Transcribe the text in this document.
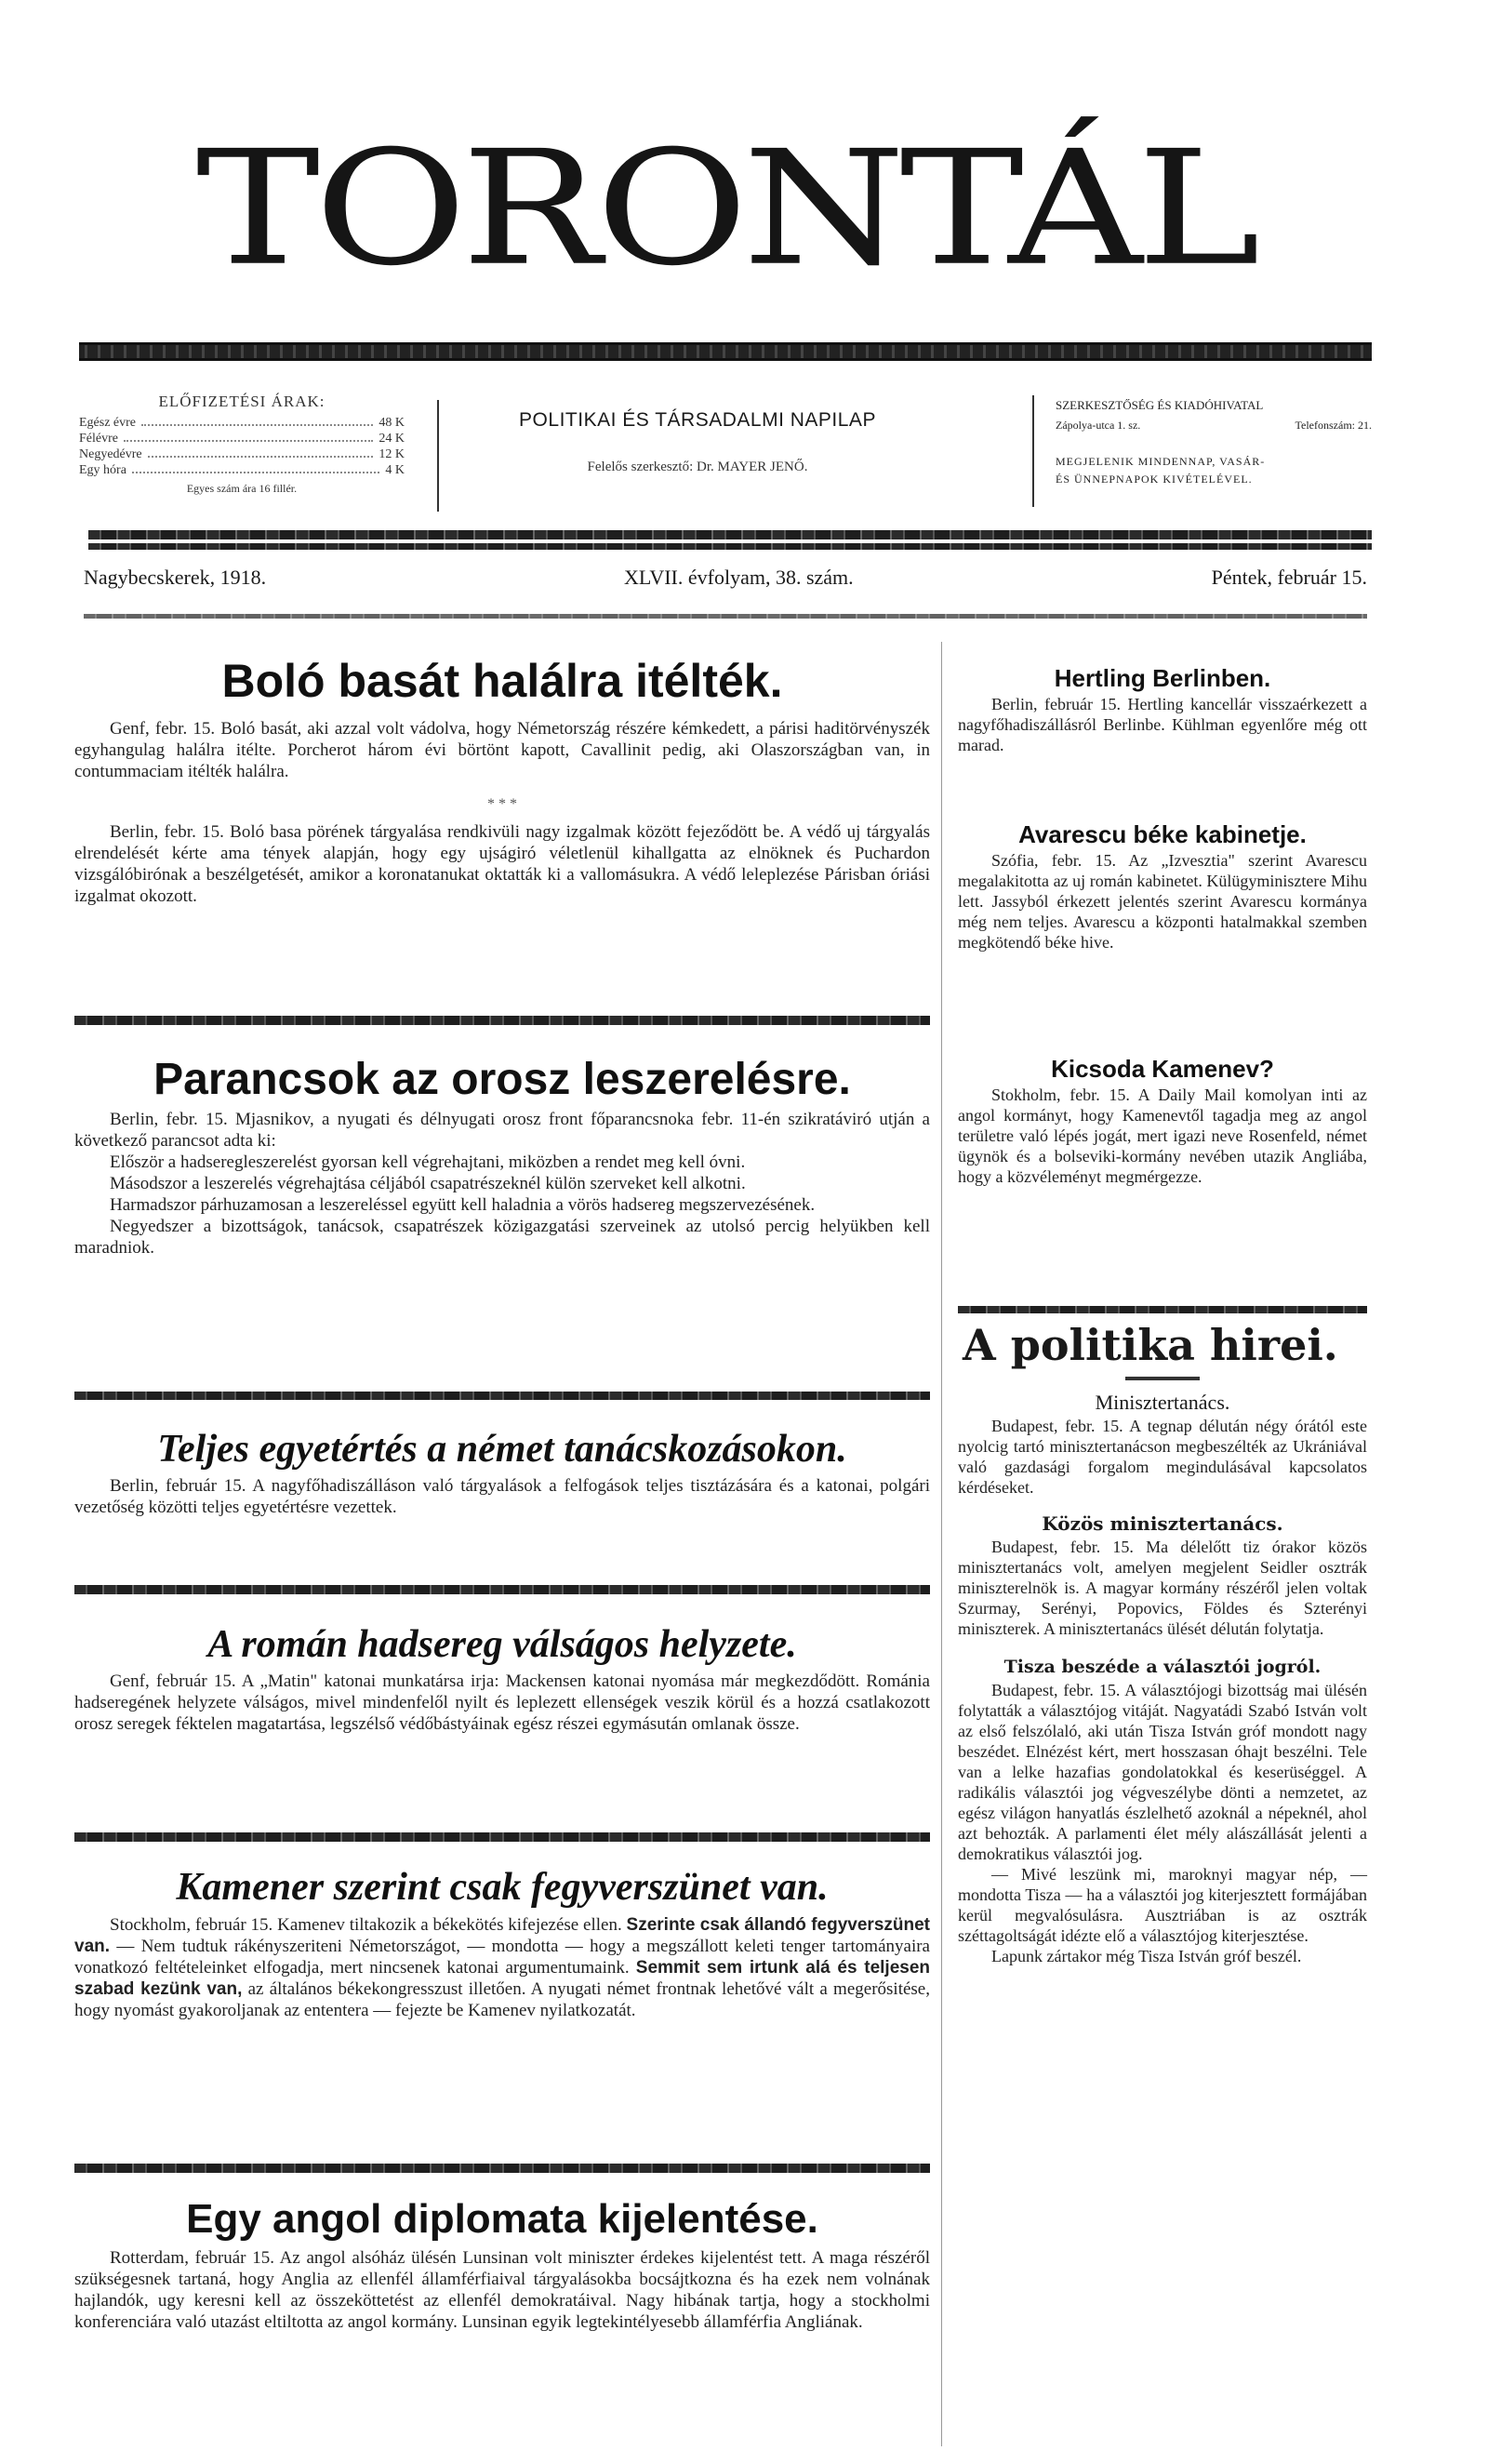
TORONTÁL
ELŐFIZETÉSI ÁRAK:
Egész évre	48 K
Félévre	24 K
Negyedévre	12 K
Egy hóra	4 K
Egyes szám ára 16 fillér.
POLITIKAI ÉS TÁRSADALMI NAPILAP
Felelős szerkesztő: Dr. MAYER JENŐ.
SZERKESZTŐSÉG ÉS KIADÓHIVATAL
Zápolya-utca 1. sz.	Telefonszám: 21.
MEGJELENIK MINDENNAP, VASÁR-
ÉS ÜNNEPNAPOK KIVÉTELÉVEL.
Nagybecskerek, 1918.	XLVII. évfolyam, 38. szám.	Péntek, február 15.
Boló basát halálra itélték.

Genf, febr. 15. Boló basát, aki azzal volt vádolva, hogy Németország részére kémkedett, a párisi haditörvényszék egyhangulag halálra itélte. Porcherot három évi börtönt kapott, Cavallinit pedig, aki Olaszországban van, in contummaciam itélték halálra.

* * *

Berlin, febr. 15. Boló basa pörének tárgyalása rendkivüli nagy izgalmak között fejeződött be. A védő uj tárgyalás elrendelését kérte ama tények alapján, hogy egy ujságiró véletlenül kihallgatta az elnöknek és Puchardon vizsgálóbirónak a beszélgetését, amikor a koronatanukat oktatták ki a vallomásukra. A védő leleplezése Párisban óriási izgalmat okozott.

Parancsok az orosz leszerelésre.

Berlin, febr. 15. Mjasnikov, a nyugati és délnyugati orosz front főparancsnoka febr. 11-én szikratáviró utján a következő parancsot adta ki:

Először a hadseregleszerelést gyorsan kell végrehajtani, miközben a rendet meg kell óvni.

Másodszor a leszerelés végrehajtása céljából csapatrészeknél külön szerveket kell alkotni.

Harmadszor párhuzamosan a leszereléssel együtt kell haladnia a vörös hadsereg megszervezésének.

Negyedszer a bizottságok, tanácsok, csapatrészek közigazgatási szerveinek az utolsó percig helyükben kell maradniok.

Teljes egyetértés a német tanácskozásokon.

Berlin, február 15. A nagyfőhadiszálláson való tárgyalások a felfogások teljes tisztázására és a katonai, polgári vezetőség közötti teljes egyetértésre vezettek.

A román hadsereg válságos helyzete.

Genf, február 15. A „Matin" katonai munkatársa irja: Mackensen katonai nyomása már megkezdődött. Románia hadseregének helyzete válságos, mivel mindenfelől nyilt és leplezett ellenségek veszik körül és a hozzá csatlakozott orosz seregek féktelen magatartása, legszélső védőbástyáinak egész részei egymásután omlanak össze.

Kamener szerint csak fegyverszünet van.

Stockholm, február 15. Kamenev tiltakozik a békekötés kifejezése ellen. Szerinte csak állandó fegyverszünet van. — Nem tudtuk rákényszeriteni Németországot, — mondotta — hogy a megszállott keleti tenger tartományaira vonatkozó feltételeinket elfogadja, mert nincsenek katonai argumentumaink. Semmit sem irtunk alá és teljesen szabad kezünk van, az általános békekongresszust illetően. A nyugati német frontnak lehetővé vált a megerősitése, hogy nyomást gyakoroljanak az ententera — fejezte be Kamenev nyilatkozatát.

Egy angol diplomata kijelentése.

Rotterdam, február 15. Az angol alsóház ülésén Lunsinan volt miniszter érdekes kijelentést tett. A maga részéről szükségesnek tartaná, hogy Anglia az ellenfél államférfiaival tárgyalásokba bocsájtkozna és ha ezek nem volnának hajlandók, ugy keresni kell az összeköttetést az ellenfél demokratáival. Nagy hibának tartja, hogy a stockholmi konferenciára való utazást eltiltotta az angol kormány. Lunsinan egyik legtekintélyesebb államférfia Angliának.

Hertling Berlinben.

Berlin, február 15. Hertling kancellár visszaérkezett a nagyfőhadiszállásról Berlinbe. Kühlman egyenlőre még ott marad.

Avarescu béke kabinetje.

Szófia, febr. 15. Az „Izvesztia" szerint Avarescu megalakitotta az uj román kabinetet. Külügyminisztere Mihu lett. Jassyból érkezett jelentés szerint Avarescu kormánya még nem teljes. Avarescu a központi hatalmakkal szemben megkötendő béke hive.

Kicsoda Kamenev?

Stokholm, febr. 15. A Daily Mail komolyan inti az angol kormányt, hogy Kamenevtől tagadja meg az angol területre való lépés jogát, mert igazi neve Rosenfeld, német ügynök és a bolseviki-kormány nevében utazik Angliába, hogy a közvéleményt megmérgezze.

A politika hirei.
Minisztertanács.

Budapest, febr. 15. A tegnap délután négy órától este nyolcig tartó minisztertanácson megbeszélték az Ukrániával való gazdasági forgalom megindulásával kapcsolatos kérdéseket.

Közös minisztertanács.

Budapest, febr. 15. Ma délelőtt tiz órakor közös minisztertanács volt, amelyen megjelent Seidler osztrák miniszterelnök is. A magyar kormány részéről jelen voltak Szurmay, Serényi, Popovics, Földes és Szterényi miniszterek. A minisztertanács ülését délután folytatja.

Tisza beszéde a választói jogról.

Budapest, febr. 15. A választójogi bizottság mai ülésén folytatták a választójog vitáját. Nagyatádi Szabó István volt az első felszólaló, aki után Tisza István gróf mondott nagy beszédet. Elnézést kért, mert hosszasan óhajt beszélni. Tele van a lelke hazafias gondolatokkal és keserüséggel. A radikális választói jog végveszélybe dönti a nemzetet, az egész világon hanyatlás észlelhető azoknál a népeknél, ahol azt behozták. A parlamenti élet mély alászállását jelenti a demokratikus választói jog.

— Mivé leszünk mi, maroknyi magyar nép, — mondotta Tisza — ha a választói jog kiterjesztett formájában kerül megvalósulásra. Ausztriában is az osztrák széttagoltságát idézte elő a választójog kiterjesztése.

Lapunk zártakor még Tisza István gróf beszél.
